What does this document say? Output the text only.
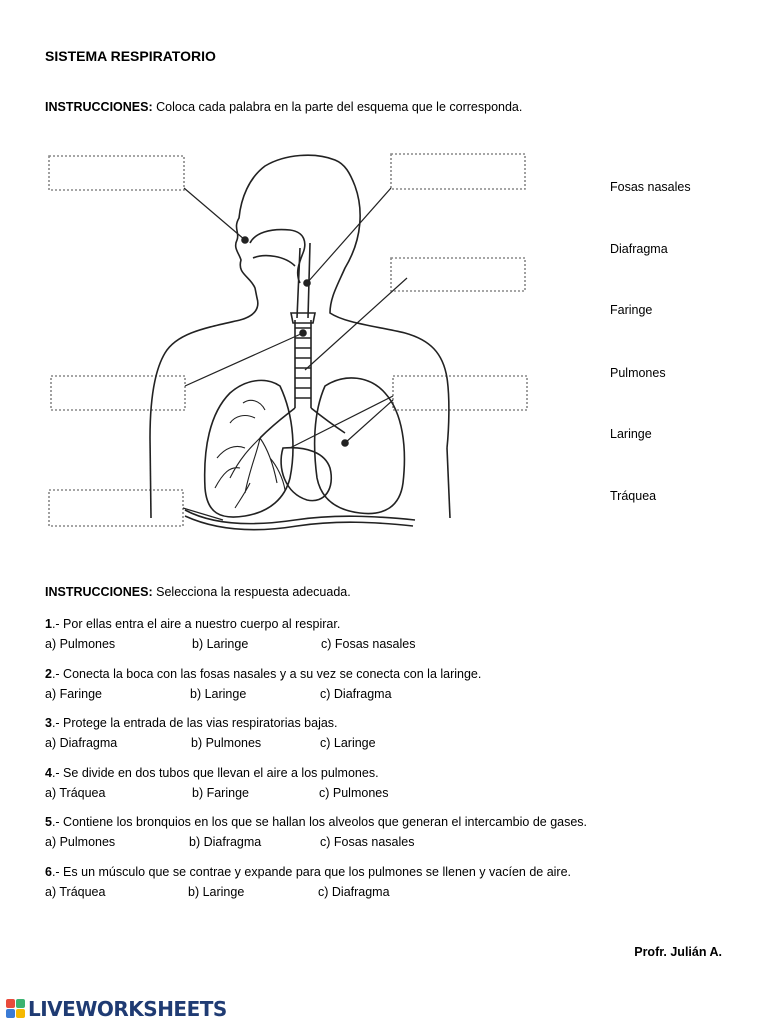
SISTEMA RESPIRATORIO
INSTRUCCIONES: Coloca cada palabra en la parte del esquema que le corresponda.
Fosas nasales
Diafragma
Faringe
Pulmones
Laringe
Tráquea
INSTRUCCIONES: Selecciona la respuesta adecuada.
1.- Por ellas entra el aire a nuestro cuerpo al respirar.
a) Pulmones	b) Laringe	c) Fosas nasales
2.- Conecta la boca con las fosas nasales y a su vez se conecta con la laringe.
a) Faringe	b) Laringe	c) Diafragma
3.- Protege la entrada de las vias respiratorias bajas.
a) Diafragma	b) Pulmones	c) Laringe
4.- Se divide en dos tubos que llevan el aire a los pulmones.
a) Tráquea	b) Faringe	c) Pulmones
5.- Contiene los bronquios en los que se hallan los alveolos que generan el intercambio de gases.
a) Pulmones	b) Diafragma	c) Fosas nasales
6.- Es un músculo que se contrae y expande para que los pulmones se llenen y vacíen de aire.
a) Tráquea	b) Laringe	c) Diafragma
Profr. Julián A.
LIVEWORKSHEETS
